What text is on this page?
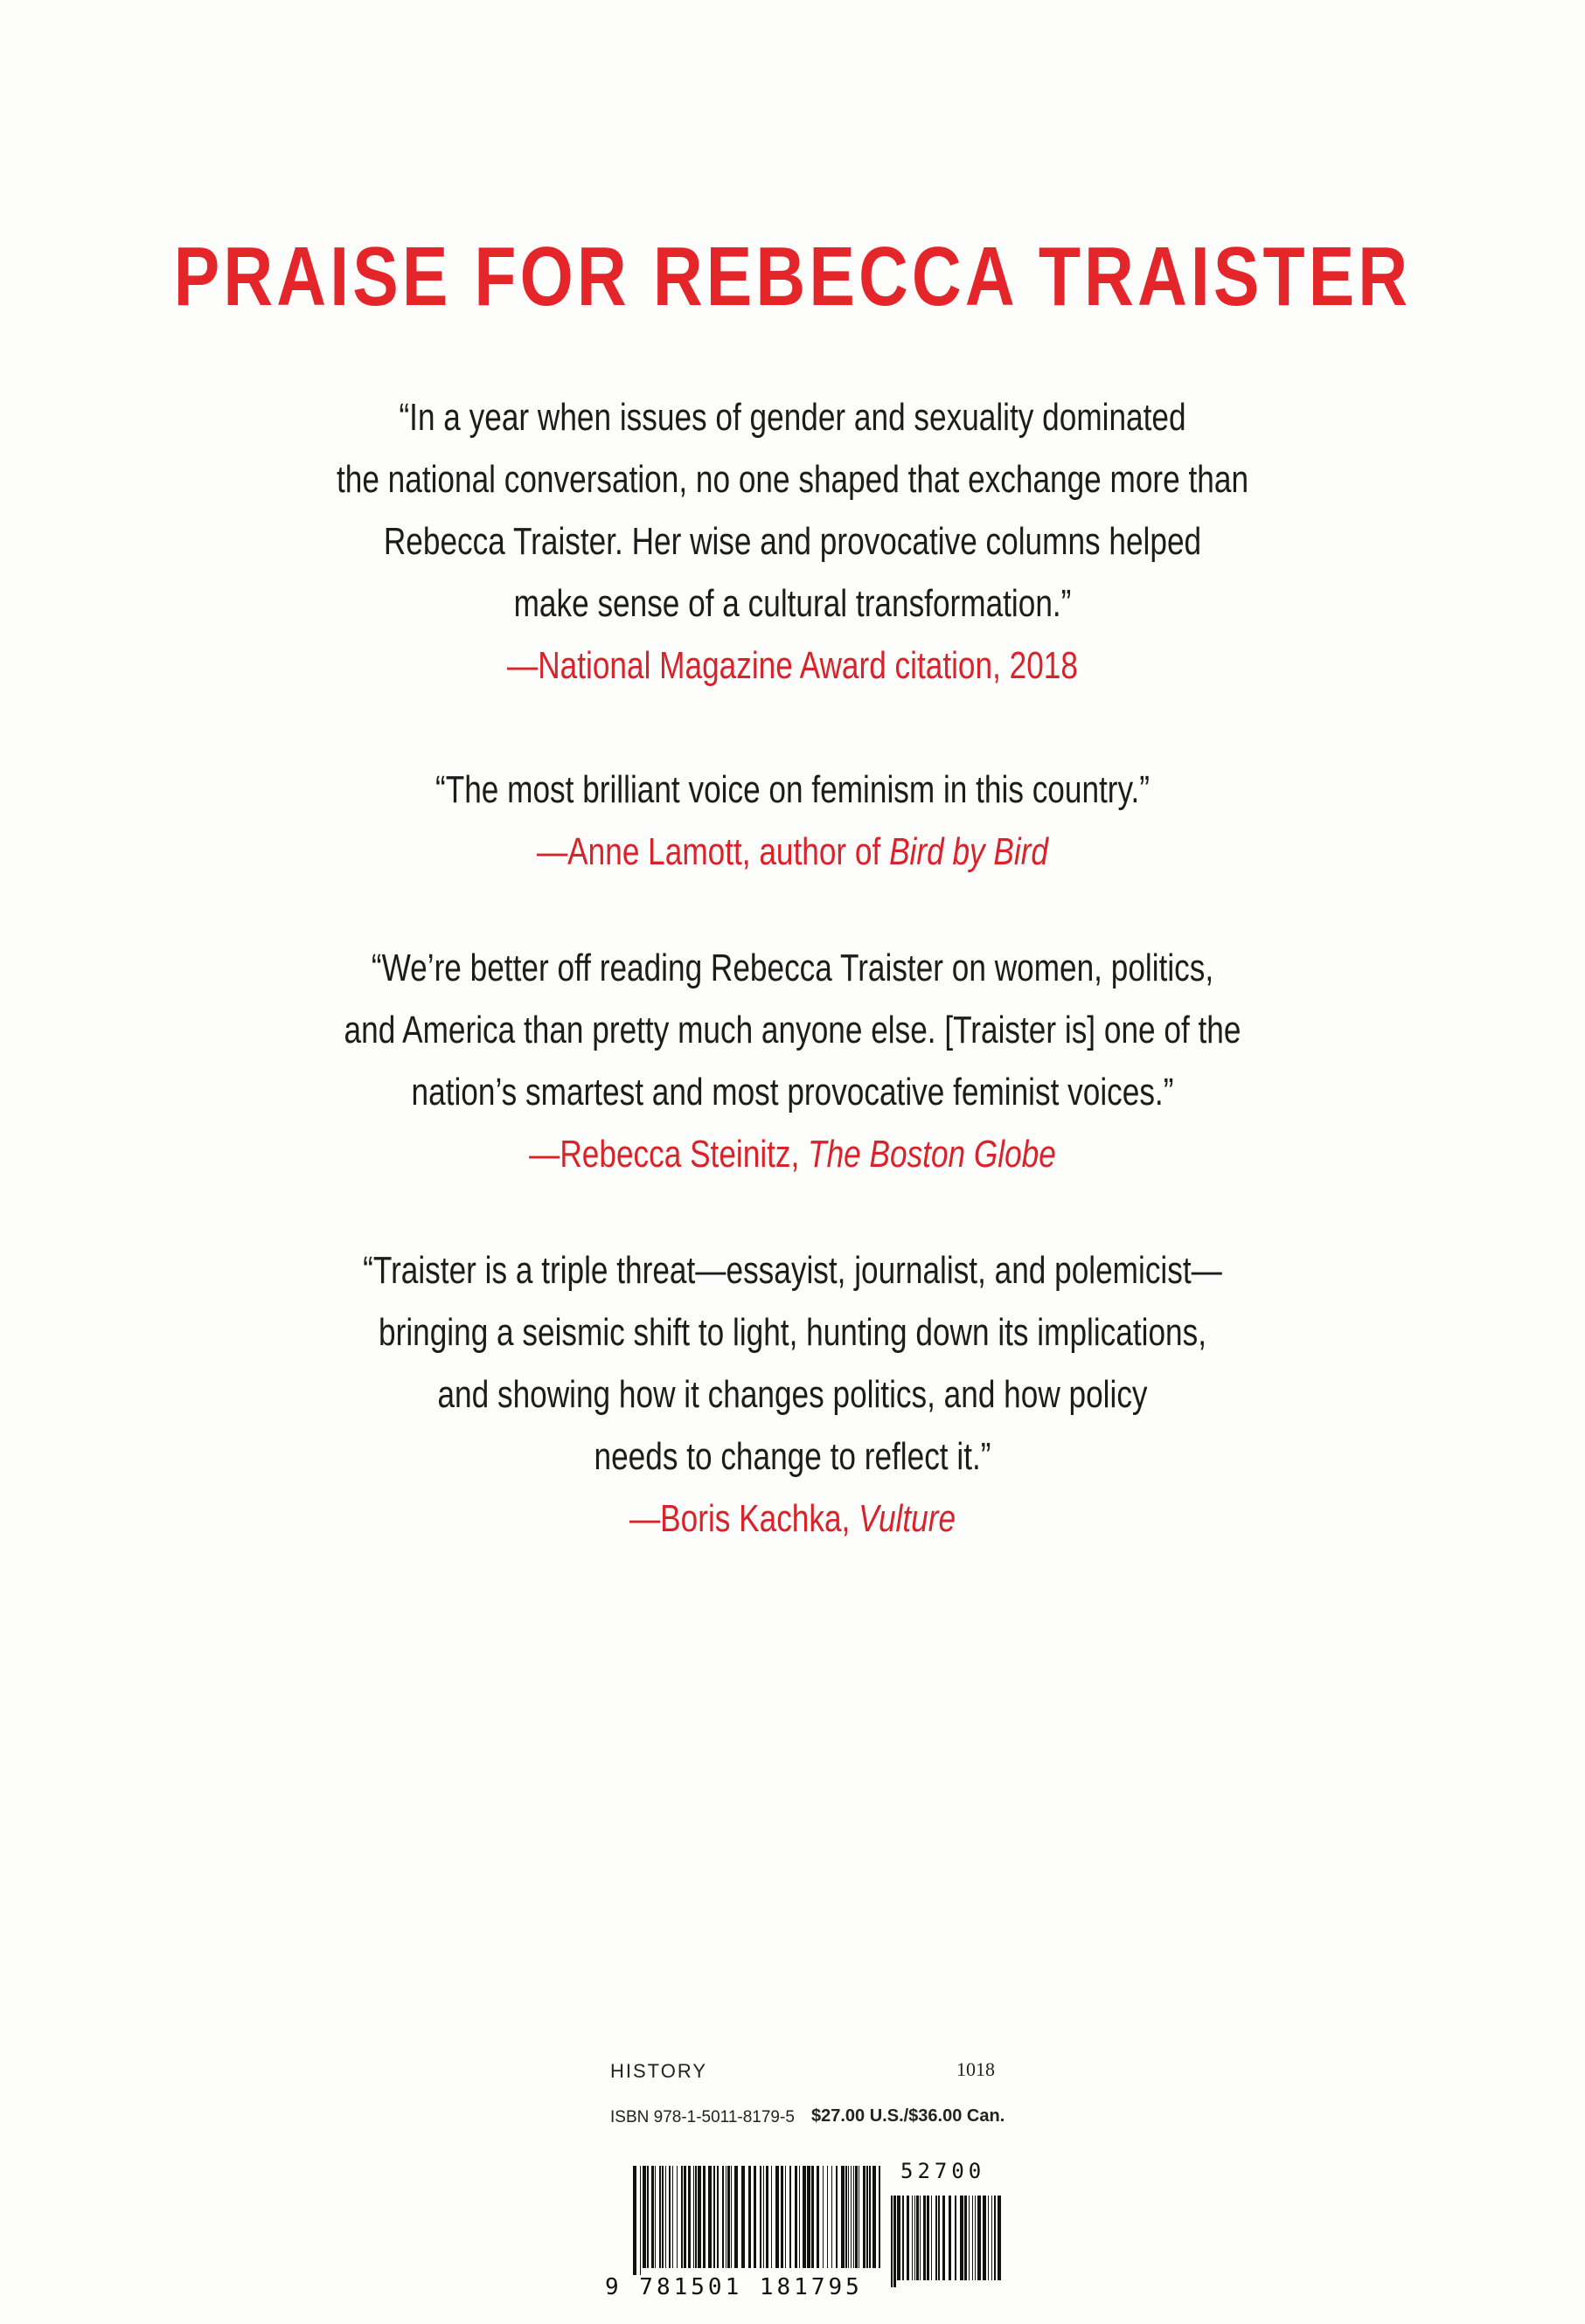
PRAISE FOR REBECCA TRAISTER
“In a year when issues of gender and sexuality dominated
the national conversation, no one shaped that exchange more than
Rebecca Traister. Her wise and provocative columns helped
make sense of a cultural transformation.”
—National Magazine Award citation, 2018
“The most brilliant voice on feminism in this country.”
—Anne Lamott, author of Bird by Bird
“We’re better off reading Rebecca Traister on women, politics,
and America than pretty much anyone else. [Traister is] one of the
nation’s smartest and most provocative feminist voices.”
—Rebecca Steinitz, The Boston Globe
“Traister is a triple threat—essayist, journalist, and polemicist—
bringing a seismic shift to light, hunting down its implications,
and showing how it changes politics, and how policy
needs to change to reflect it.”
—Boris Kachka, Vulture
HISTORY	1018
ISBN 978-1-5011-8179-5 $27.00 U.S./$36.00 Can.
9 781501 181795
52700
